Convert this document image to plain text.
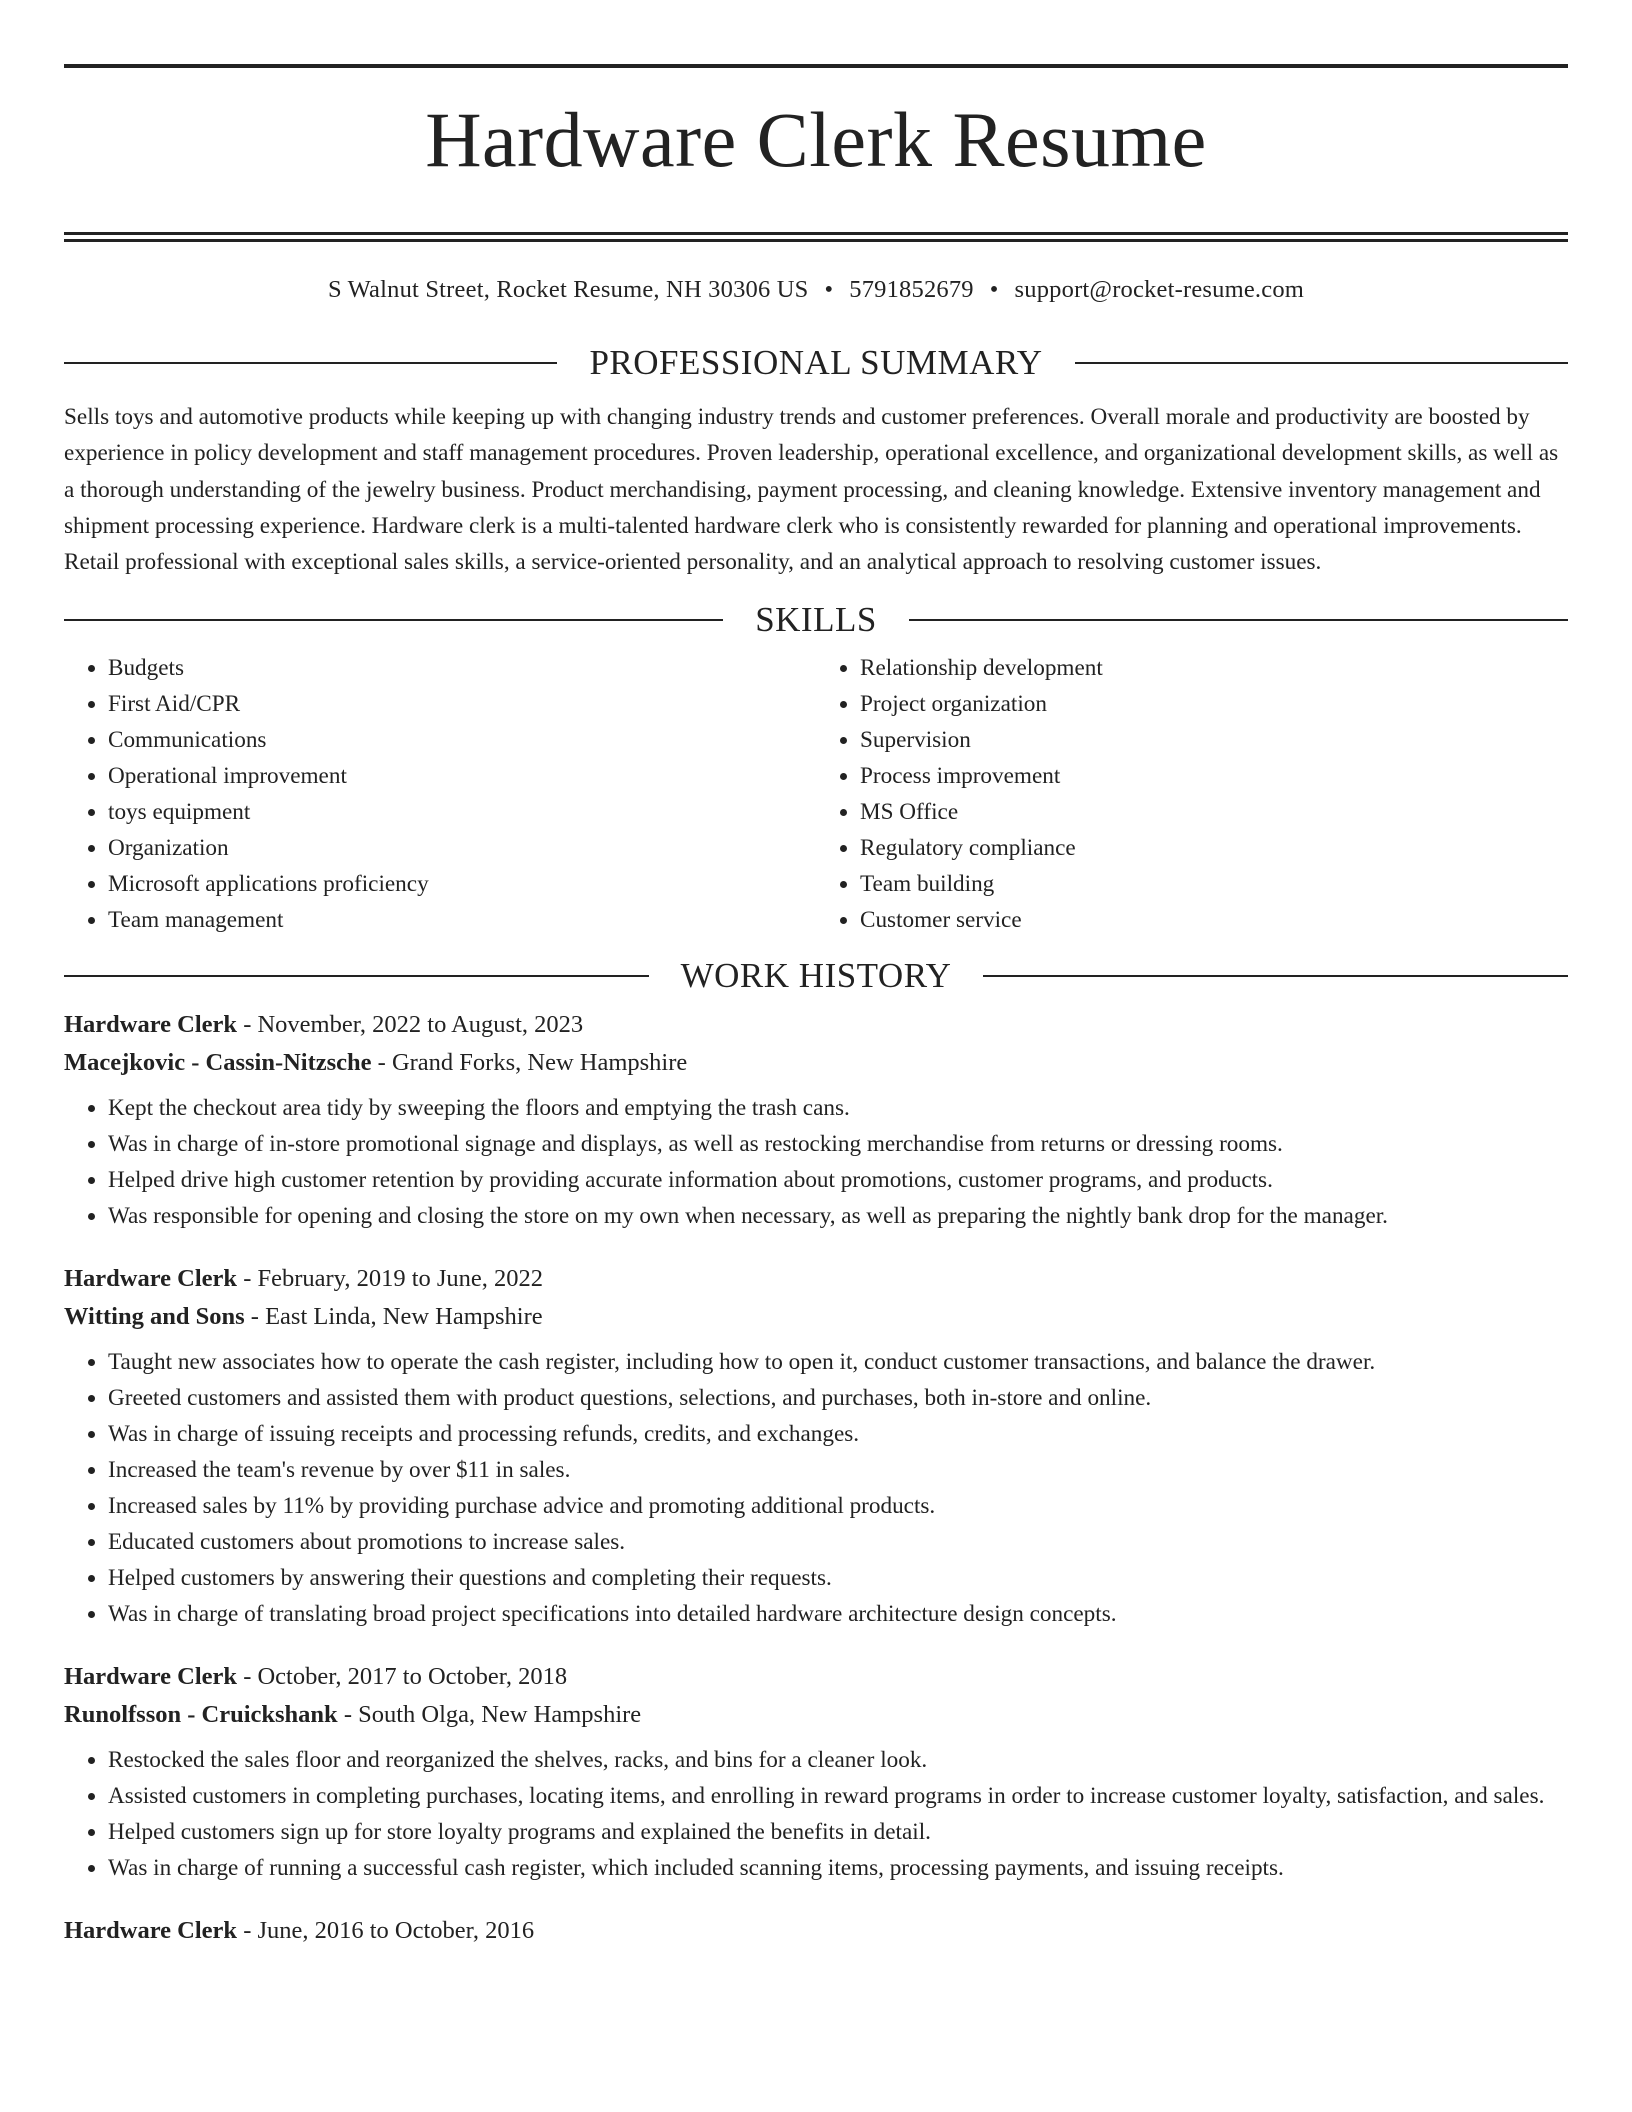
Hardware Clerk Resume
S Walnut Street, Rocket Resume, NH 30306 US • 5791852679 • support@rocket-resume.com
PROFESSIONAL SUMMARY

Sells toys and automotive products while keeping up with changing industry trends and customer preferences. Overall morale and productivity are boosted by experience in policy development and staff management procedures. Proven leadership, operational excellence, and organizational development skills, as well as a thorough understanding of the jewelry business. Product merchandising, payment processing, and cleaning knowledge. Extensive inventory management and shipment processing experience. Hardware clerk is a multi-talented hardware clerk who is consistently rewarded for planning and operational improvements. Retail professional with exceptional sales skills, a service-oriented personality, and an analytical approach to resolving customer issues.

SKILLS
• Budgets
• First Aid/CPR
• Communications
• Operational improvement
• toys equipment
• Organization
• Microsoft applications proficiency
• Team management
• Relationship development
• Project organization
• Supervision
• Process improvement
• MS Office
• Regulatory compliance
• Team building
• Customer service
WORK HISTORY
Hardware Clerk - November, 2022 to August, 2023
Macejkovic - Cassin-Nitzsche - Grand Forks, New Hampshire
• Kept the checkout area tidy by sweeping the floors and emptying the trash cans.
• Was in charge of in-store promotional signage and displays, as well as restocking merchandise from returns or dressing rooms.
• Helped drive high customer retention by providing accurate information about promotions, customer programs, and products.
• Was responsible for opening and closing the store on my own when necessary, as well as preparing the nightly bank drop for the manager.
Hardware Clerk - February, 2019 to June, 2022
Witting and Sons - East Linda, New Hampshire
• Taught new associates how to operate the cash register, including how to open it, conduct customer transactions, and balance the drawer.
• Greeted customers and assisted them with product questions, selections, and purchases, both in-store and online.
• Was in charge of issuing receipts and processing refunds, credits, and exchanges.
• Increased the team's revenue by over $11 in sales.
• Increased sales by 11% by providing purchase advice and promoting additional products.
• Educated customers about promotions to increase sales.
• Helped customers by answering their questions and completing their requests.
• Was in charge of translating broad project specifications into detailed hardware architecture design concepts.
Hardware Clerk - October, 2017 to October, 2018
Runolfsson - Cruickshank - South Olga, New Hampshire
• Restocked the sales floor and reorganized the shelves, racks, and bins for a cleaner look.
• Assisted customers in completing purchases, locating items, and enrolling in reward programs in order to increase customer loyalty, satisfaction, and sales.
• Helped customers sign up for store loyalty programs and explained the benefits in detail.
• Was in charge of running a successful cash register, which included scanning items, processing payments, and issuing receipts.
Hardware Clerk - June, 2016 to October, 2016
